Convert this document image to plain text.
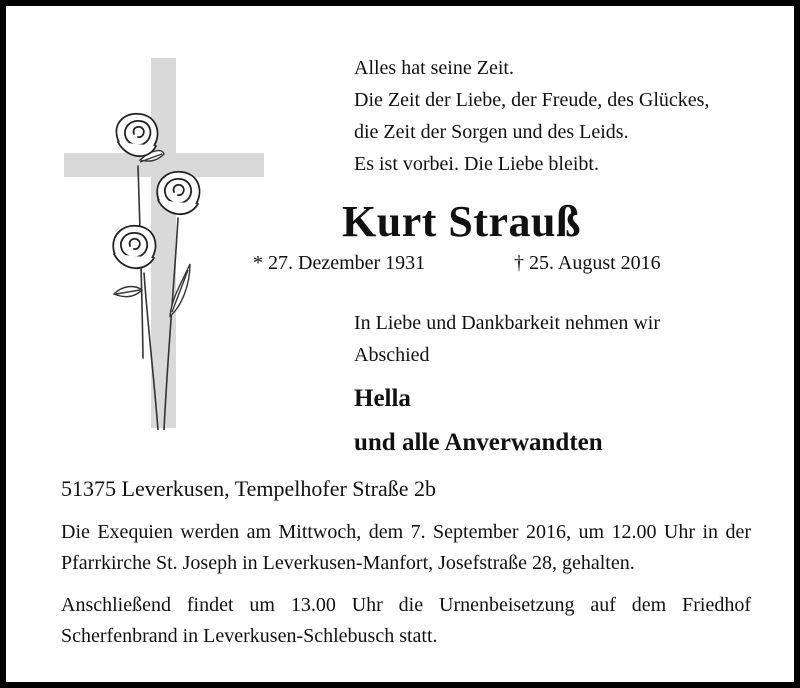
Alles hat seine Zeit.
Die Zeit der Liebe, der Freude, des Glückes,
die Zeit der Sorgen und des Leids.
Es ist vorbei. Die Liebe bleibt.
Kurt Strauß
* 27. Dezember 1931	† 25. August 2016
In Liebe und Dankbarkeit nehmen wir Abschied
Hella
und alle Anverwandten
51375 Leverkusen, Tempelhofer Straße 2b
Die Exequien werden am Mittwoch, dem 7. September 2016, um 12.00 Uhr in der Pfarrkirche St. Joseph in Leverkusen-Manfort, Josefstraße 28, gehalten.
Anschließend findet um 13.00 Uhr die Urnenbeisetzung auf dem Friedhof Scherfenbrand in Leverkusen-Schlebusch statt.
